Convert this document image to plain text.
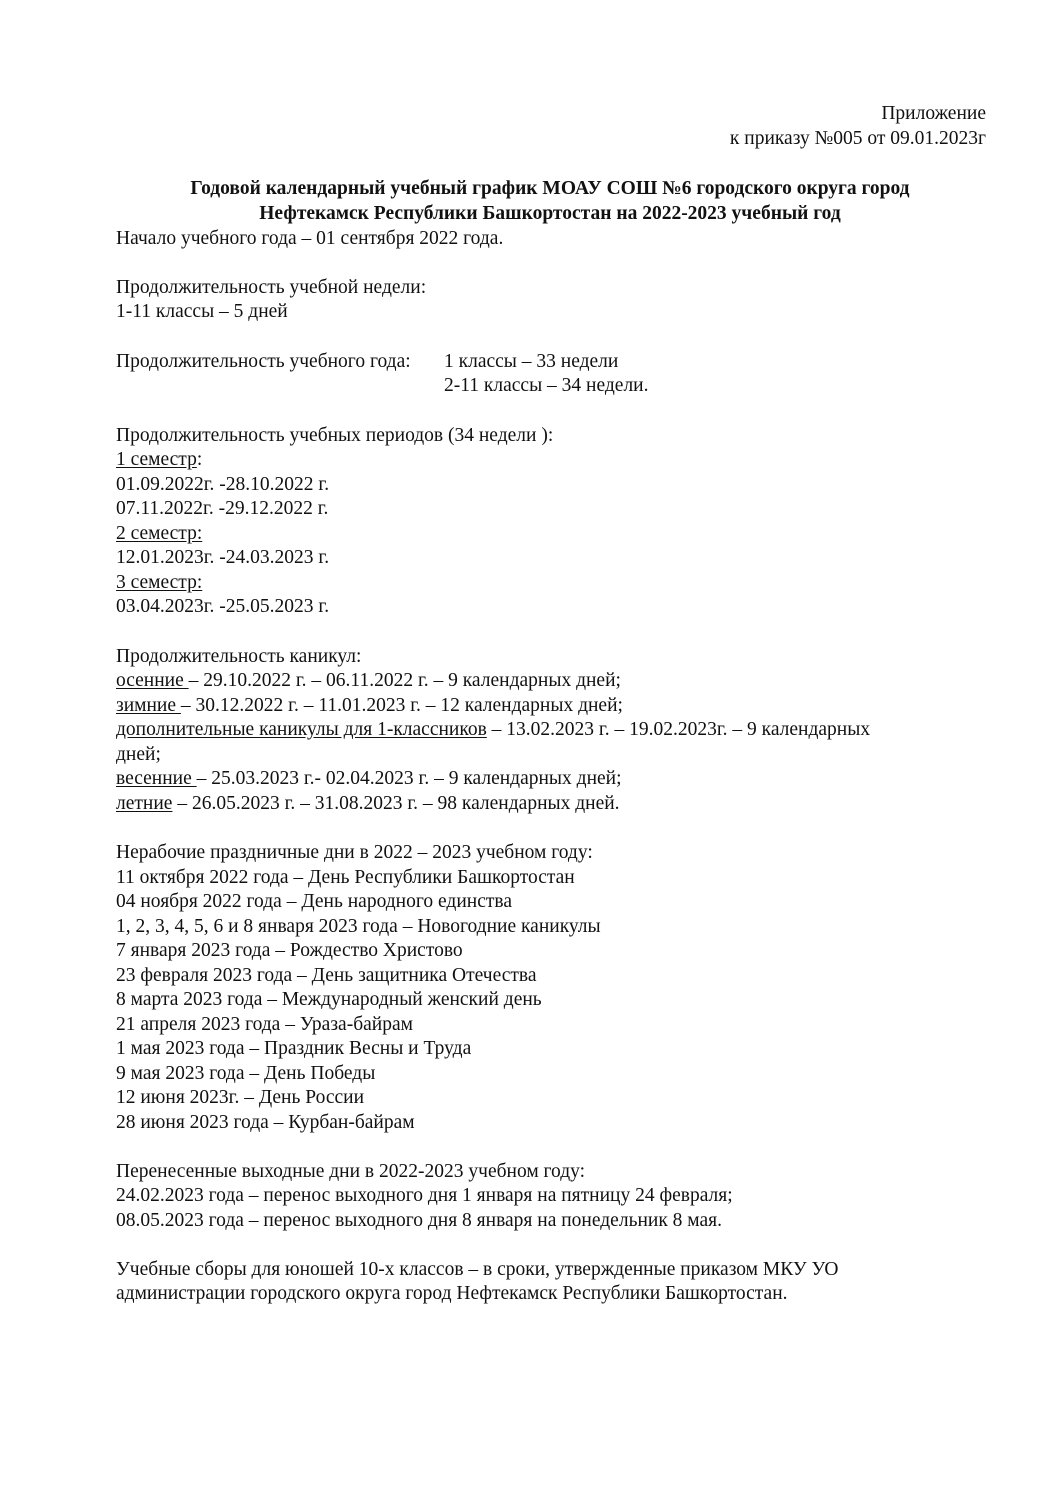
Приложение
к приказу №005 от 09.01.2023г
Годовой календарный учебный график МОАУ СОШ №6 городского округа город
Нефтекамск Республики Башкортостан на 2022-2023 учебный год
Начало учебного года – 01 сентября 2022 года.
Продолжительность учебной недели:
1-11 классы – 5 дней
Продолжительность учебного года: 1 классы – 33 недели
2-11 классы – 34 недели.
Продолжительность учебных периодов (34 недели ):
1 семестр:
01.09.2022г. -28.10.2022 г.
07.11.2022г. -29.12.2022 г.
2 семестр:
12.01.2023г. -24.03.2023 г.
3 семестр:
03.04.2023г. -25.05.2023 г.
Продолжительность каникул:
осенние – 29.10.2022 г. – 06.11.2022 г. – 9 календарных дней;
зимние – 30.12.2022 г. – 11.01.2023 г. – 12 календарных дней;
дополнительные каникулы для 1-классников – 13.02.2023 г. – 19.02.2023г. – 9 календарных
дней;
весенние – 25.03.2023 г.- 02.04.2023 г. – 9 календарных дней;
летние – 26.05.2023 г. – 31.08.2023 г. – 98 календарных дней.
Нерабочие праздничные дни в 2022 – 2023 учебном году:
11 октября 2022 года – День Республики Башкортостан
04 ноября 2022 года – День народного единства
1, 2, 3, 4, 5, 6 и 8 января 2023 года – Новогодние каникулы
7 января 2023 года – Рождество Христово
23 февраля 2023 года – День защитника Отечества
8 марта 2023 года – Международный женский день
21 апреля 2023 года – Ураза-байрам
1 мая 2023 года – Праздник Весны и Труда
9 мая 2023 года – День Победы
12 июня 2023г. – День России
28 июня 2023 года – Курбан-байрам
Перенесенные выходные дни в 2022-2023 учебном году:
24.02.2023 года – перенос выходного дня 1 января на пятницу 24 февраля;
08.05.2023 года – перенос выходного дня 8 января на понедельник 8 мая.
Учебные сборы для юношей 10-х классов – в сроки, утвержденные приказом МКУ УО
администрации городского округа город Нефтекамск Республики Башкортостан.
